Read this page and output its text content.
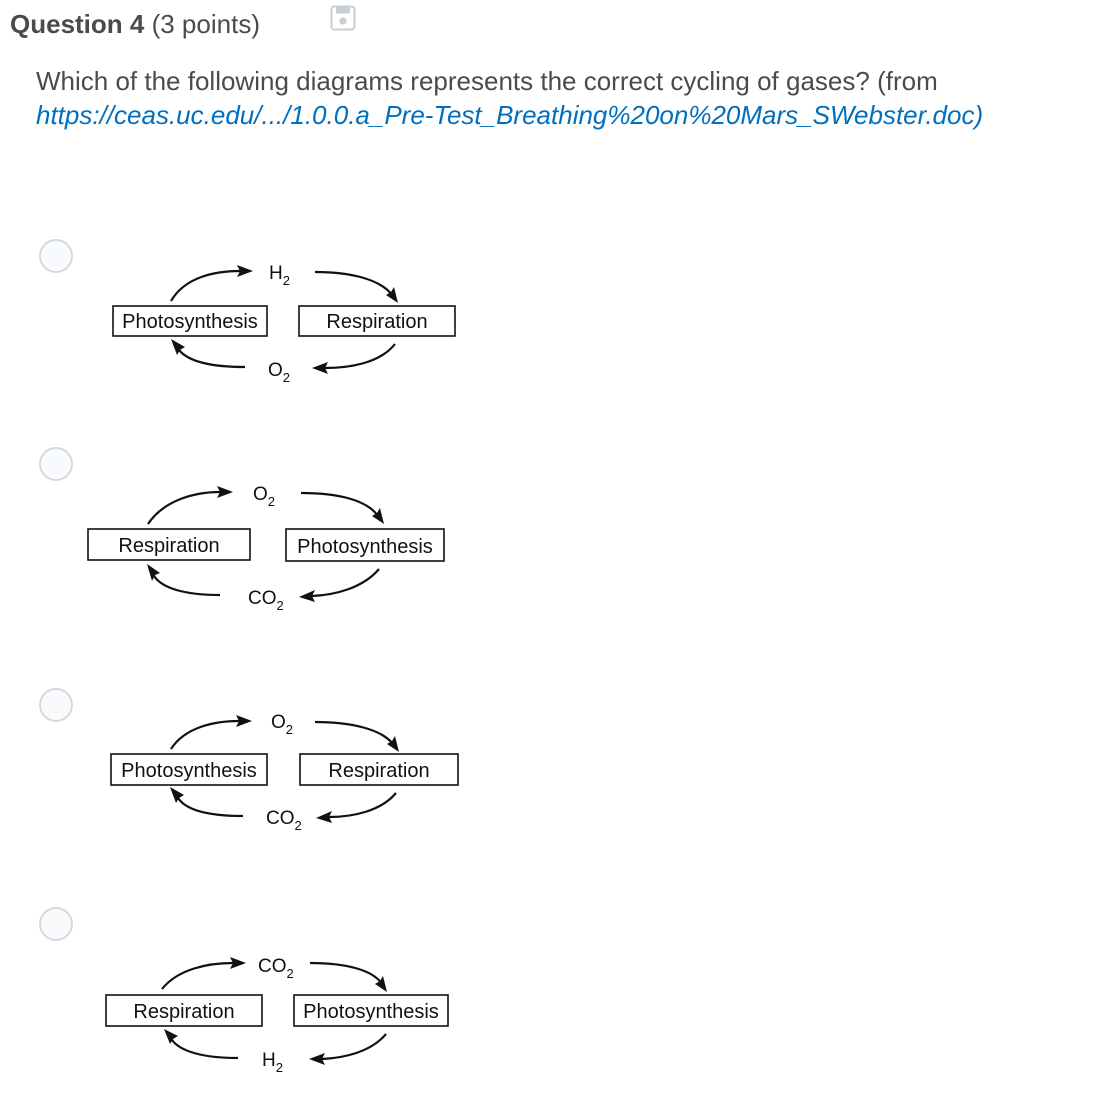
Question 4 (3 points)
Which of the following diagrams represents the correct cycling of gases? (from
https://ceas.uc.edu/.../1.0.0.a_Pre-Test_Breathing%20on%20Mars_SWebster.doc)
Photosynthesis	Respiration
$H_2$
$O_2$
Respiration	Photosynthesis
$O_2$
$CO_2$
Photosynthesis	Respiration
$O_2$
$CO_2$
Respiration	Photosynthesis
$CO_2$
$H_2$
